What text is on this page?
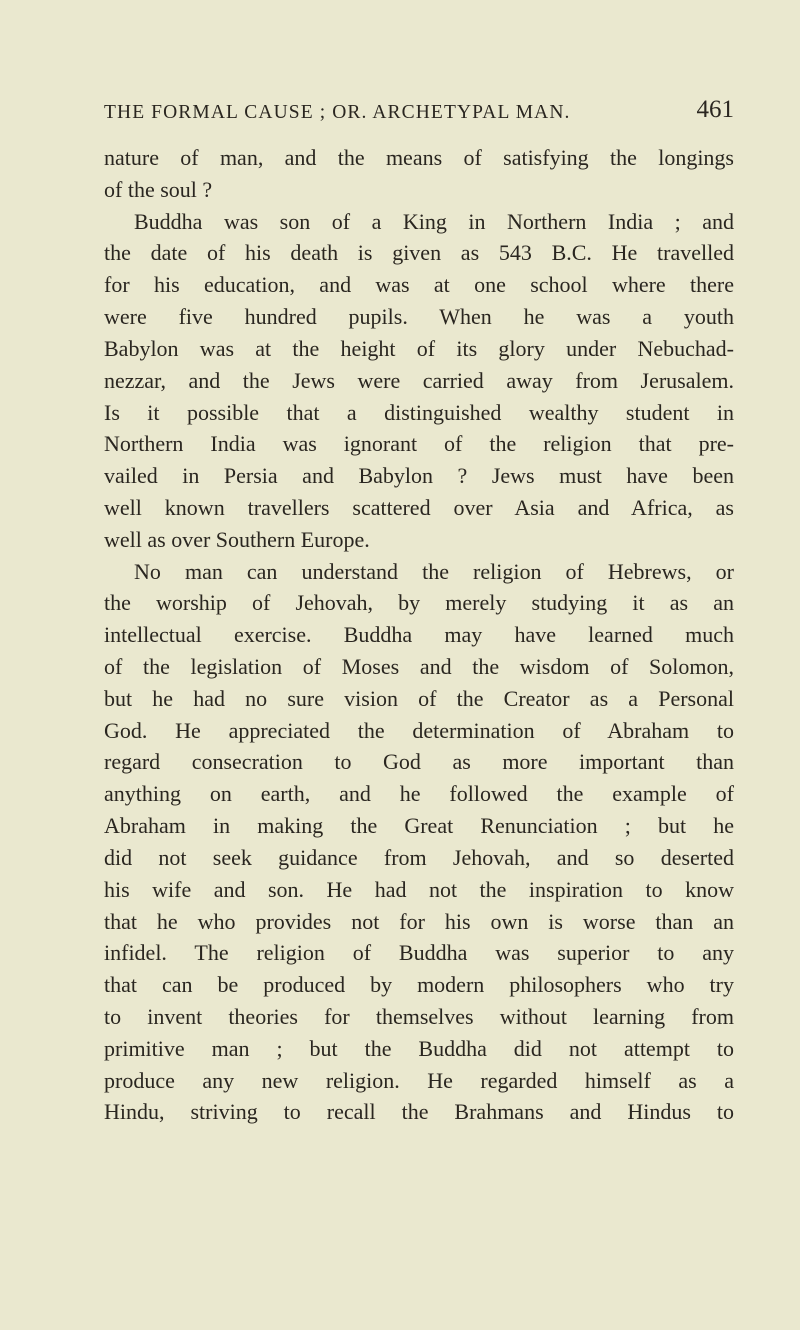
THE FORMAL CAUSE ; OR. ARCHETYPAL MAN.	461
nature of man, and the means of satisfying the longings
of the soul ?
Buddha was son of a King in Northern India ; and
the date of his death is given as 543 B.C. He travelled
for his education, and was at one school where there
were five hundred pupils. When he was a youth
Babylon was at the height of its glory under Nebuchad-
nezzar, and the Jews were carried away from Jerusalem.
Is it possible that a distinguished wealthy student in
Northern India was ignorant of the religion that pre-
vailed in Persia and Babylon ? Jews must have been
well known travellers scattered over Asia and Africa, as
well as over Southern Europe.
No man can understand the religion of Hebrews, or
the worship of Jehovah, by merely studying it as an
intellectual exercise. Buddha may have learned much
of the legislation of Moses and the wisdom of Solomon,
but he had no sure vision of the Creator as a Personal
God. He appreciated the determination of Abraham to
regard consecration to God as more important than
anything on earth, and he followed the example of
Abraham in making the Great Renunciation ; but he
did not seek guidance from Jehovah, and so deserted
his wife and son. He had not the inspiration to know
that he who provides not for his own is worse than an
infidel. The religion of Buddha was superior to any
that can be produced by modern philosophers who try
to invent theories for themselves without learning from
primitive man ; but the Buddha did not attempt to
produce any new religion. He regarded himself as a
Hindu, striving to recall the Brahmans and Hindus to
